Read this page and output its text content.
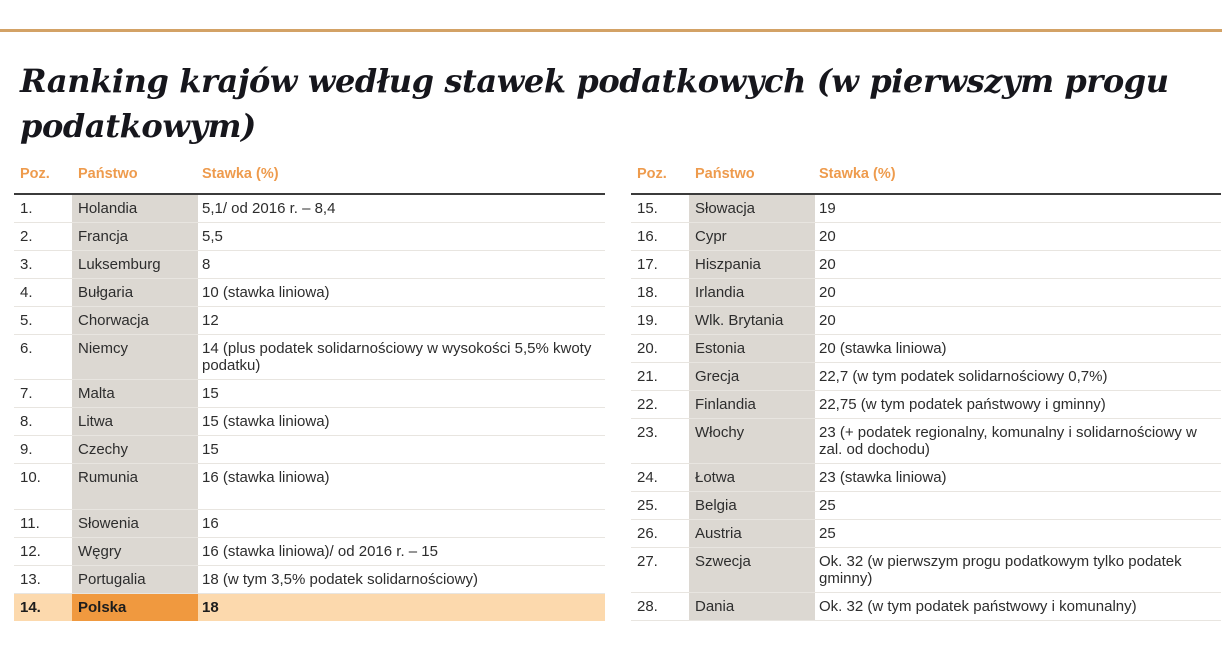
Ranking krajów według stawek podatkowych (w pierwszym progu podatkowym)
Poz.	Państwo	Stawka (%)
1.	Holandia	5,1/ od 2016 r. – 8,4
2.	Francja	5,5
3.	Luksemburg	8
4.	Bułgaria	10 (stawka liniowa)
5.	Chorwacja	12
6.	Niemcy	14 (plus podatek solidarnościowy w wysokości 5,5% kwoty podatku)
7.	Malta	15
8.	Litwa	15 (stawka liniowa)
9.	Czechy	15
10.	Rumunia	16 (stawka liniowa)
11.	Słowenia	16
12.	Węgry	16 (stawka liniowa)/ od 2016 r. – 15
13.	Portugalia	18 (w tym 3,5% podatek solidarnościowy)
14.	Polska	18
Poz.	Państwo	Stawka (%)
15.	Słowacja	19
16.	Cypr	20
17.	Hiszpania	20
18.	Irlandia	20
19.	Wlk. Brytania	20
20.	Estonia	20 (stawka liniowa)
21.	Grecja	22,7 (w tym podatek solidarnościowy 0,7%)
22.	Finlandia	22,75 (w tym podatek państwowy i gminny)
23.	Włochy	23 (+ podatek regionalny, komunalny i solidarnościowy w zal. od dochodu)
24.	Łotwa	23 (stawka liniowa)
25.	Belgia	25
26.	Austria	25
27.	Szwecja	Ok. 32 (w pierwszym progu podatkowym tylko podatek gminny)
28.	Dania	Ok. 32 (w tym podatek państwowy i komunalny)
